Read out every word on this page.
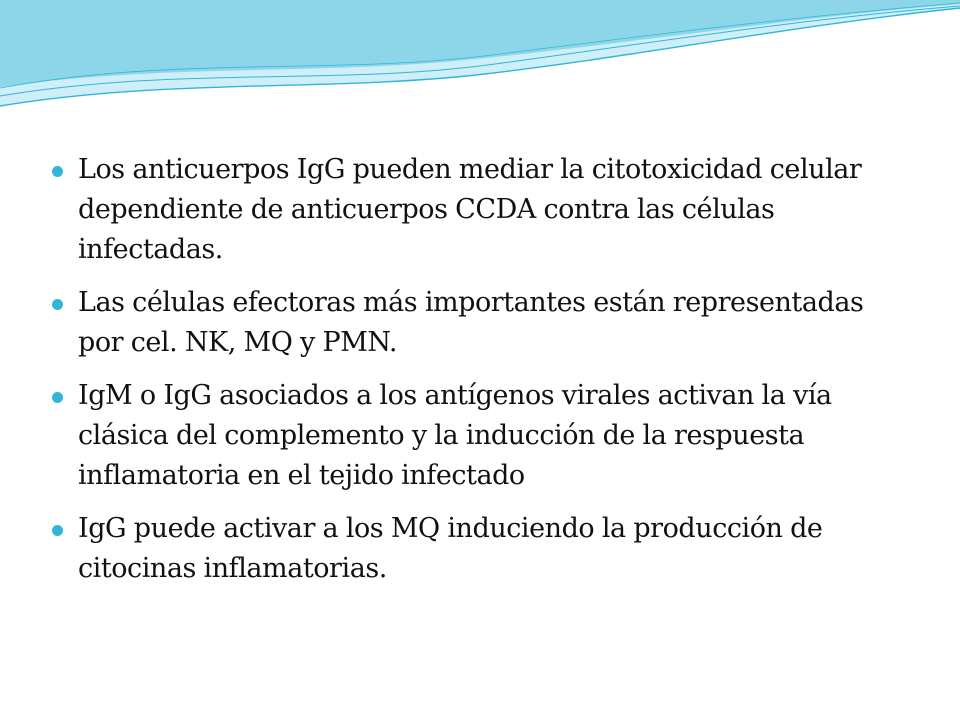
Los anticuerpos IgG pueden mediar la citotoxicidad celular dependiente de anticuerpos CCDA contra las células infectadas.
Las células efectoras más importantes están representadas por cel. NK, MQ y PMN.
IgM o IgG asociados a los antígenos virales activan la vía clásica del complemento y la inducción de la respuesta inflamatoria en el tejido infectado
IgG puede activar a los MQ induciendo la producción de citocinas inflamatorias.
